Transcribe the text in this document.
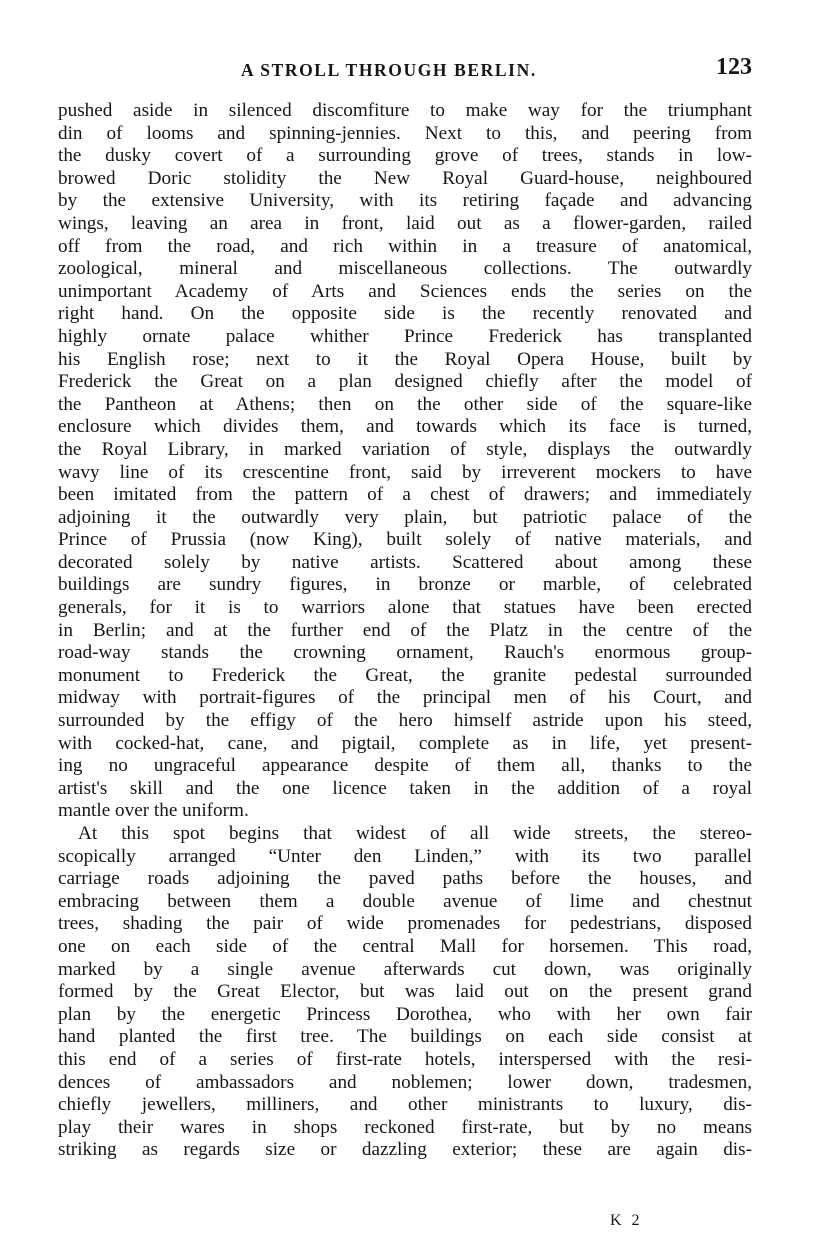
A STROLL THROUGH BERLIN.	123
pushed aside in silenced discomfiture to make way for the triumphant
din of looms and spinning-jennies. Next to this, and peering from
the dusky covert of a surrounding grove of trees, stands in low-
browed Doric stolidity the New Royal Guard-house, neighboured
by the extensive University, with its retiring façade and advancing
wings, leaving an area in front, laid out as a flower-garden, railed
off from the road, and rich within in a treasure of anatomical,
zoological, mineral and miscellaneous collections. The outwardly
unimportant Academy of Arts and Sciences ends the series on the
right hand. On the opposite side is the recently renovated and
highly ornate palace whither Prince Frederick has transplanted
his English rose; next to it the Royal Opera House, built by
Frederick the Great on a plan designed chiefly after the model of
the Pantheon at Athens; then on the other side of the square-like
enclosure which divides them, and towards which its face is turned,
the Royal Library, in marked variation of style, displays the outwardly
wavy line of its crescentine front, said by irreverent mockers to have
been imitated from the pattern of a chest of drawers; and immediately
adjoining it the outwardly very plain, but patriotic palace of the
Prince of Prussia (now King), built solely of native materials, and
decorated solely by native artists. Scattered about among these
buildings are sundry figures, in bronze or marble, of celebrated
generals, for it is to warriors alone that statues have been erected
in Berlin; and at the further end of the Platz in the centre of the
road-way stands the crowning ornament, Rauch's enormous group-
monument to Frederick the Great, the granite pedestal surrounded
midway with portrait-figures of the principal men of his Court, and
surrounded by the effigy of the hero himself astride upon his steed,
with cocked-hat, cane, and pigtail, complete as in life, yet present-
ing no ungraceful appearance despite of them all, thanks to the
artist's skill and the one licence taken in the addition of a royal
mantle over the uniform.
At this spot begins that widest of all wide streets, the stereo-
scopically arranged “Unter den Linden,” with its two parallel
carriage roads adjoining the paved paths before the houses, and
embracing between them a double avenue of lime and chestnut
trees, shading the pair of wide promenades for pedestrians, disposed
one on each side of the central Mall for horsemen. This road,
marked by a single avenue afterwards cut down, was originally
formed by the Great Elector, but was laid out on the present grand
plan by the energetic Princess Dorothea, who with her own fair
hand planted the first tree. The buildings on each side consist at
this end of a series of first-rate hotels, interspersed with the resi-
dences of ambassadors and noblemen; lower down, tradesmen,
chiefly jewellers, milliners, and other ministrants to luxury, dis-
play their wares in shops reckoned first-rate, but by no means
striking as regards size or dazzling exterior; these are again dis-
K 2
